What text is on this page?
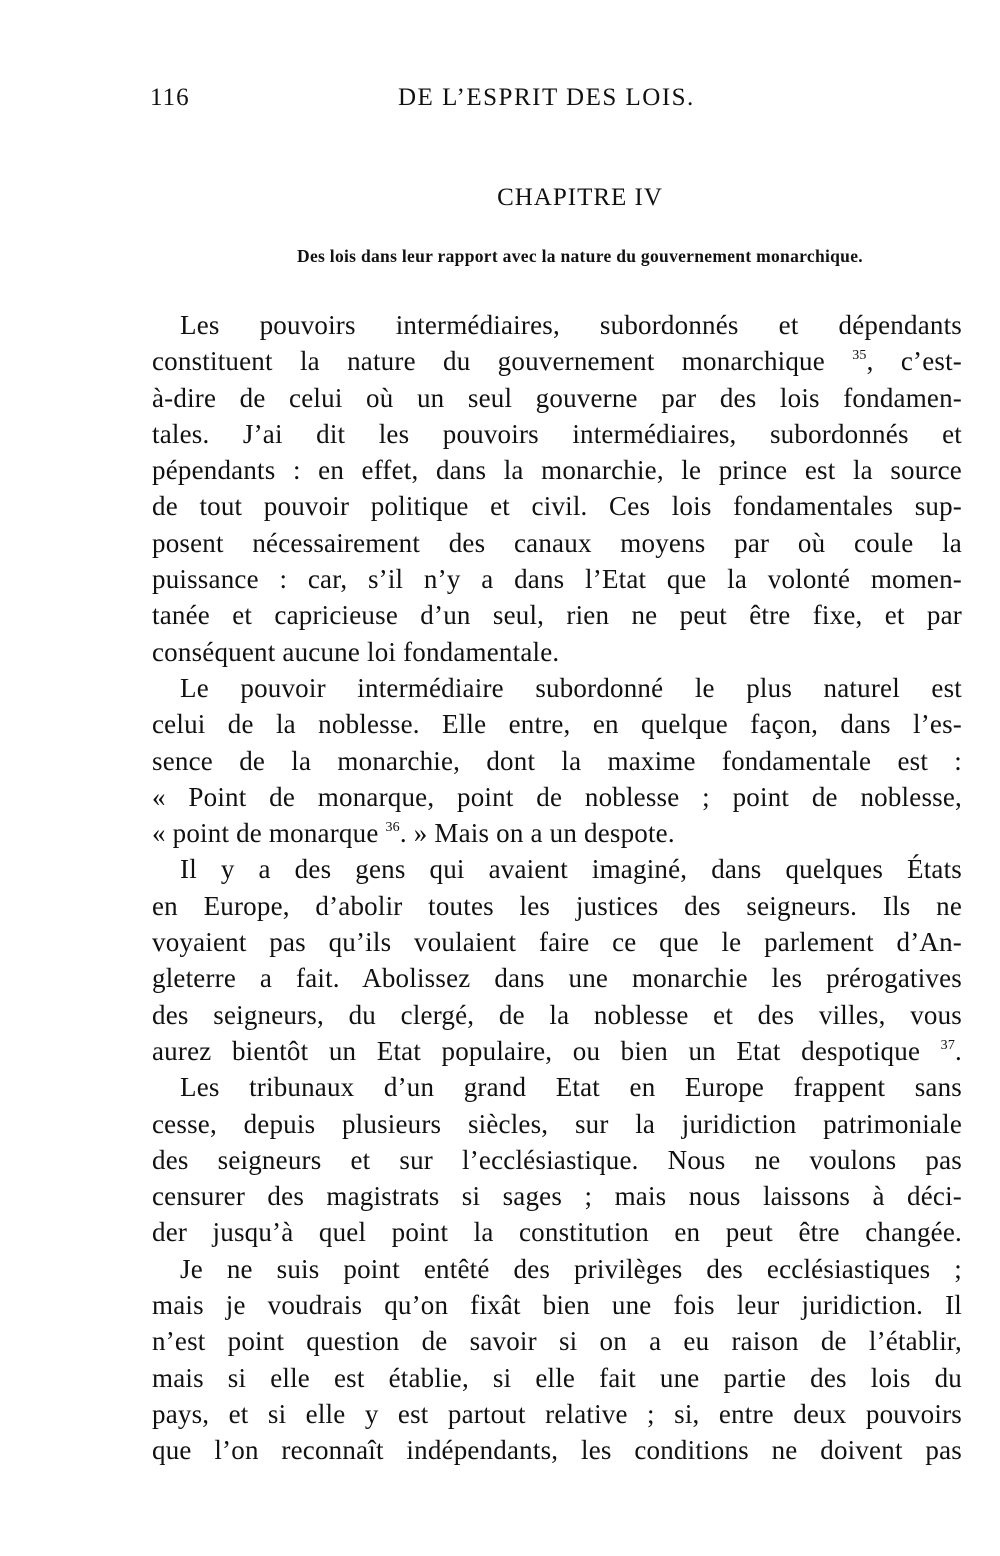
116	DE L’ESPRIT DES LOIS.
CHAPITRE IV
Des lois dans leur rapport avec la nature du gouvernement monarchique.
Les pouvoirs intermédiaires, subordonnés et dépendants
constituent la nature du gouvernement monarchique $^{35}$, c’est-
à-dire de celui où un seul gouverne par des lois fondamen-
tales. J’ai dit les pouvoirs intermédiaires, subordonnés et
pépendants : en effet, dans la monarchie, le prince est la source
de tout pouvoir politique et civil. Ces lois fondamentales sup-
posent nécessairement des canaux moyens par où coule la
puissance : car, s’il n’y a dans l’Etat que la volonté momen-
tanée et capricieuse d’un seul, rien ne peut être fixe, et par
conséquent aucune loi fondamentale.
Le pouvoir intermédiaire subordonné le plus naturel est
celui de la noblesse. Elle entre, en quelque façon, dans l’es-
sence de la monarchie, dont la maxime fondamentale est :
« Point de monarque, point de noblesse ; point de noblesse,
« point de monarque $^{36}$. » Mais on a un despote.
Il y a des gens qui avaient imaginé, dans quelques États
en Europe, d’abolir toutes les justices des seigneurs. Ils ne
voyaient pas qu’ils voulaient faire ce que le parlement d’An-
gleterre a fait. Abolissez dans une monarchie les prérogatives
des seigneurs, du clergé, de la noblesse et des villes, vous
aurez bientôt un Etat populaire, ou bien un Etat despotique $^{37}$.
Les tribunaux d’un grand Etat en Europe frappent sans
cesse, depuis plusieurs siècles, sur la juridiction patrimoniale
des seigneurs et sur l’ecclésiastique. Nous ne voulons pas
censurer des magistrats si sages ; mais nous laissons à déci-
der jusqu’à quel point la constitution en peut être changée.
Je ne suis point entêté des privilèges des ecclésiastiques ;
mais je voudrais qu’on fixât bien une fois leur juridiction. Il
n’est point question de savoir si on a eu raison de l’établir,
mais si elle est établie, si elle fait une partie des lois du
pays, et si elle y est partout relative ; si, entre deux pouvoirs
que l’on reconnaît indépendants, les conditions ne doivent pas
